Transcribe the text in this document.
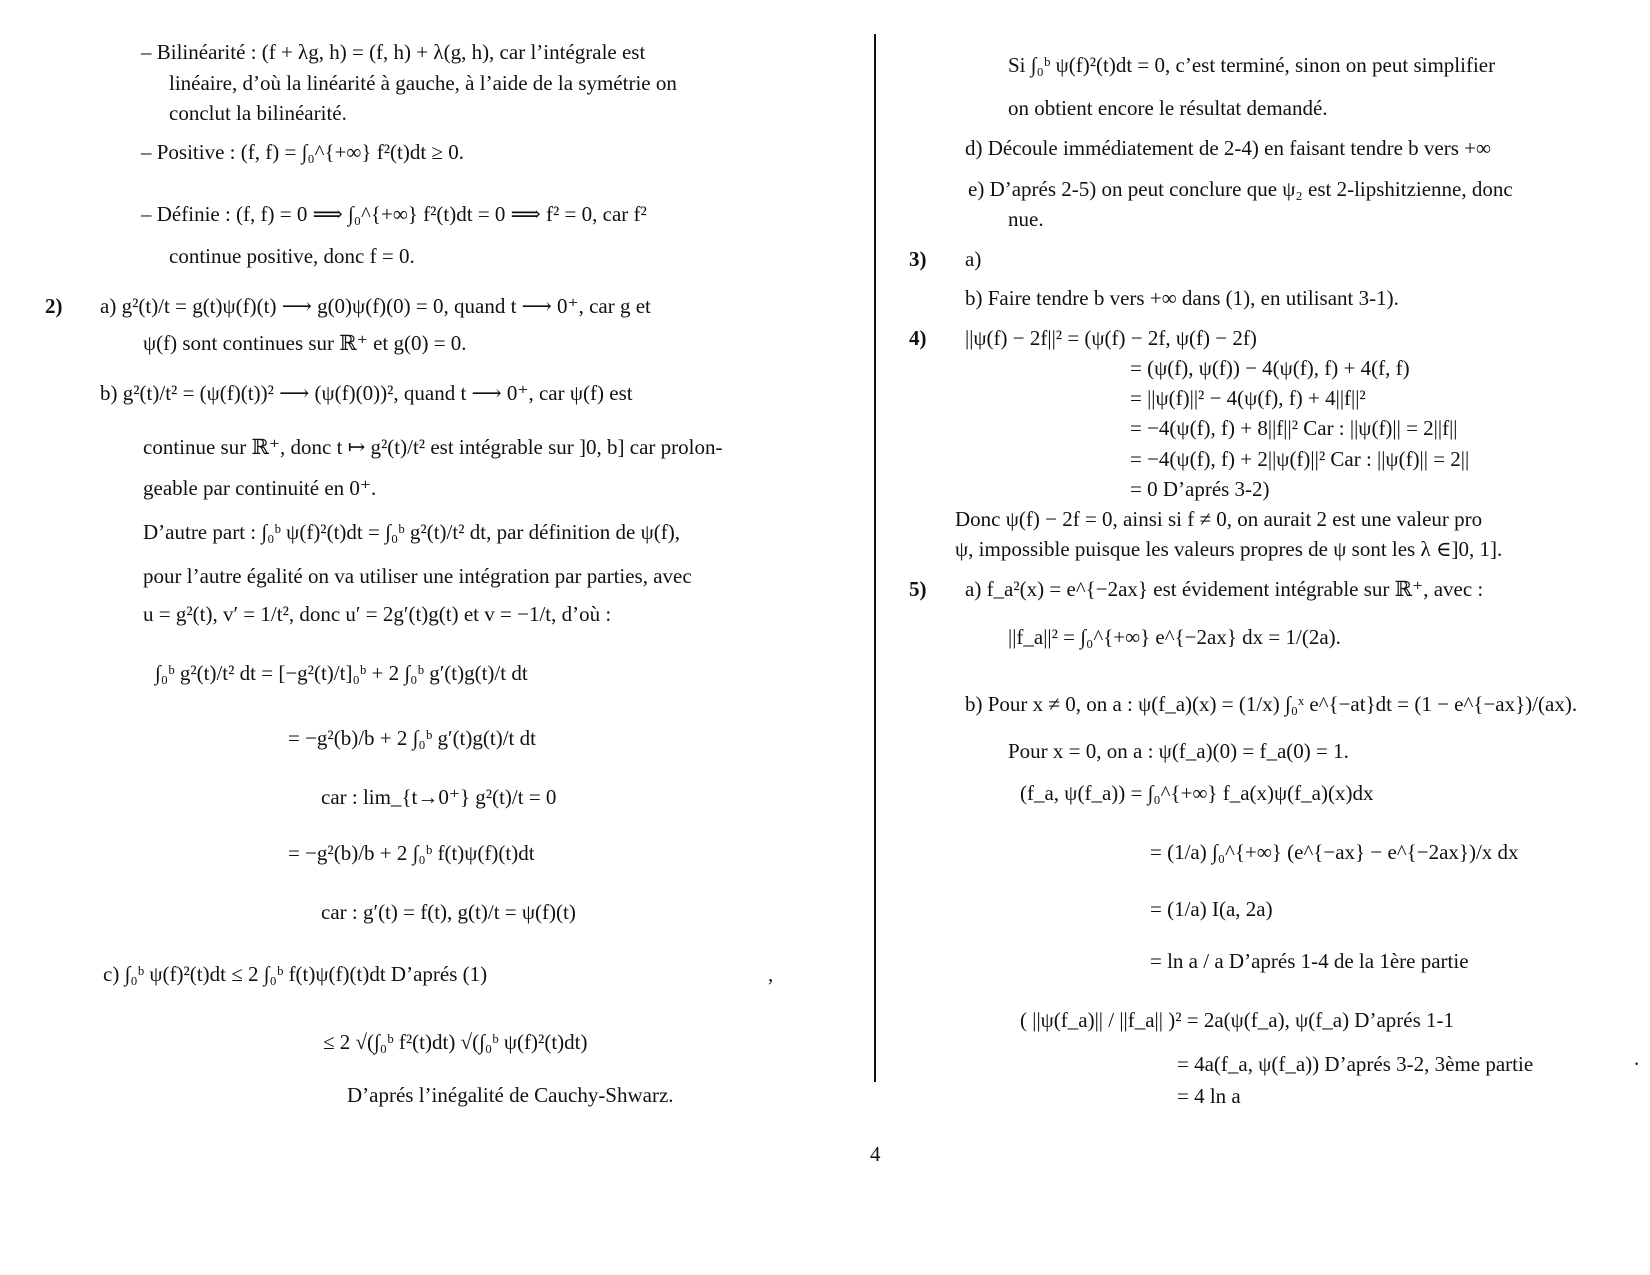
– Bilinéarité : (f + λg, h) = (f, h) + λ(g, h), car l’intégrale est
linéaire, d’où la linéarité à gauche, à l’aide de la symétrie on
conclut la bilinéarité.
– Positive : (f, f) = ∫₀^{+∞} f²(t)dt ≥ 0.
– Définie : (f, f) = 0 ⟹ ∫₀^{+∞} f²(t)dt = 0 ⟹ f² = 0, car f²
continue positive, donc f = 0.
2) a) g²(t)/t = g(t)ψ(f)(t) ⟶ g(0)ψ(f)(0) = 0, quand t ⟶ 0⁺, car g et
ψ(f) sont continues sur ℝ⁺ et g(0) = 0.
b) g²(t)/t² = (ψ(f)(t))² ⟶ (ψ(f)(0))², quand t ⟶ 0⁺, car ψ(f) est
continue sur ℝ⁺, donc t ↦ g²(t)/t² est intégrable sur ]0, b] car prolon-
geable par continuité en 0⁺.
D’autre part : ∫₀ᵇ ψ(f)²(t)dt = ∫₀ᵇ g²(t)/t² dt, par définition de ψ(f),
pour l’autre égalité on va utiliser une intégration par parties, avec
u = g²(t), v′ = 1/t², donc u′ = 2g′(t)g(t) et v = −1/t, d’où :
∫₀ᵇ g²(t)/t² dt = [−g²(t)/t]₀ᵇ + 2 ∫₀ᵇ g′(t)g(t)/t dt
= −g²(b)/b + 2 ∫₀ᵇ g′(t)g(t)/t dt
car : lim_{t→0⁺} g²(t)/t = 0
= −g²(b)/b + 2 ∫₀ᵇ f(t)ψ(f)(t)dt
car : g′(t) = f(t), g(t)/t = ψ(f)(t)
c) ∫₀ᵇ ψ(f)²(t)dt ≤ 2 ∫₀ᵇ f(t)ψ(f)(t)dt D’aprés (1)	,
≤ 2 √(∫₀ᵇ f²(t)dt) √(∫₀ᵇ ψ(f)²(t)dt)
D’aprés l’inégalité de Cauchy-Shwarz.
Si ∫₀ᵇ ψ(f)²(t)dt = 0, c’est terminé, sinon on peut simplifier
on obtient encore le résultat demandé.
d) Découle immédiatement de 2-4) en faisant tendre b vers +∞
e) D’aprés 2-5) on peut conclure que ψ₂ est 2-lipshitzienne, donc
nue.
3) a)
b) Faire tendre b vers +∞ dans (1), en utilisant 3-1).
4) ||ψ(f) − 2f||² = (ψ(f) − 2f, ψ(f) − 2f)
= (ψ(f), ψ(f)) − 4(ψ(f), f) + 4(f, f)
= ||ψ(f)||² − 4(ψ(f), f) + 4||f||²
= −4(ψ(f), f) + 8||f||² Car : ||ψ(f)|| = 2||f||
= −4(ψ(f), f) + 2||ψ(f)||² Car : ||ψ(f)|| = 2||
= 0 D’aprés 3-2)
Donc ψ(f) − 2f = 0, ainsi si f ≠ 0, on aurait 2 est une valeur pro
ψ, impossible puisque les valeurs propres de ψ sont les λ ∈]0, 1].
5) a) f_a²(x) = e^{−2ax} est évidement intégrable sur ℝ⁺, avec :
||f_a||² = ∫₀^{+∞} e^{−2ax} dx = 1/(2a).
b) Pour x ≠ 0, on a : ψ(f_a)(x) = (1/x) ∫₀ˣ e^{−at}dt = (1 − e^{−ax})/(ax).
Pour x = 0, on a : ψ(f_a)(0) = f_a(0) = 1.
(f_a, ψ(f_a)) = ∫₀^{+∞} f_a(x)ψ(f_a)(x)dx
= (1/a) ∫₀^{+∞} (e^{−ax} − e^{−2ax})/x dx
= (1/a) I(a, 2a)
= ln a / a D’aprés 1-4 de la 1ère partie
( ||ψ(f_a)|| / ||f_a|| )² = 2a(ψ(f_a), ψ(f_a) D’aprés 1-1
= 4a(f_a, ψ(f_a)) D’aprés 3-2, 3ème partie	.
= 4 ln a
4
